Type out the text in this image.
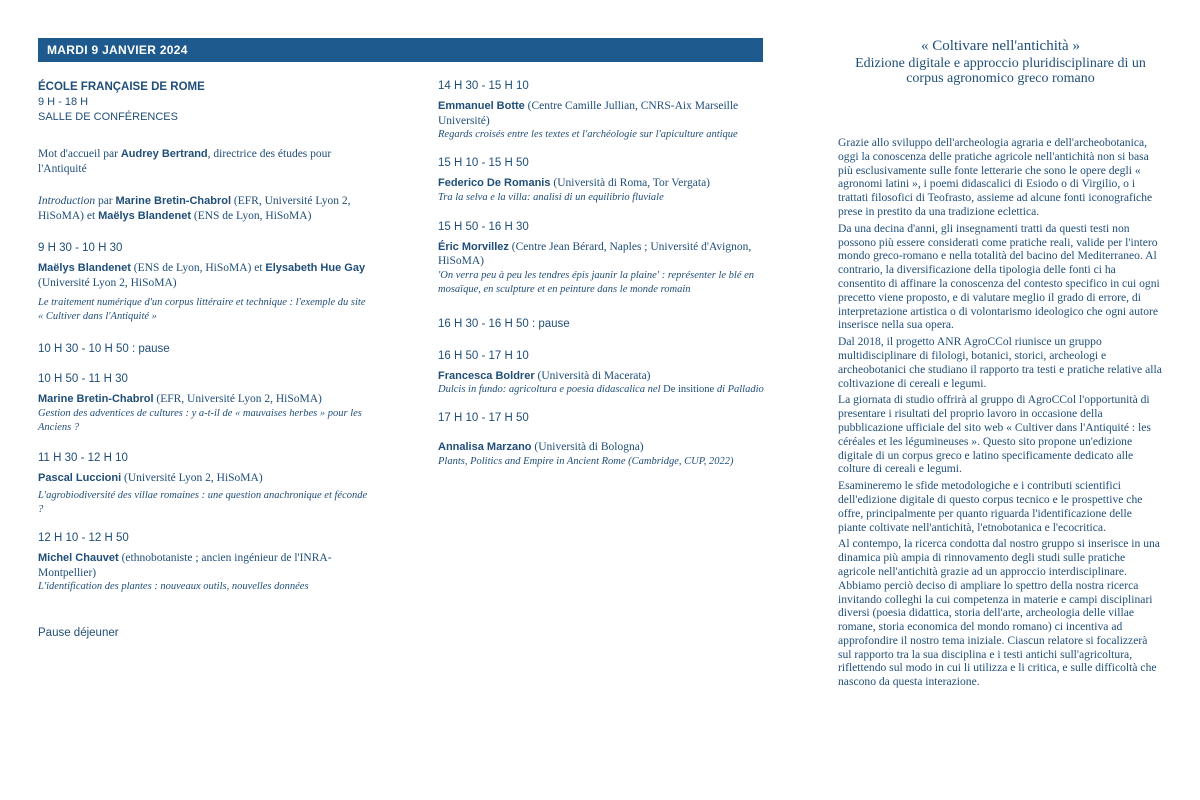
MARDI 9 JANVIER 2024
ÉCOLE FRANÇAISE DE ROME
9 H - 18 H
SALLE DE CONFÉRENCES

Mot d'accueil par Audrey Bertrand, directrice des études pour l'Antiquité

Introduction par Marine Bretin-Chabrol (EFR, Université Lyon 2, HiSoMA) et Maëlys Blandenet (ENS de Lyon, HiSoMA)

9 H 30 - 10 H 30
Maëlys Blandenet (ENS de Lyon, HiSoMA) et Elysabeth Hue Gay (Université Lyon 2, HiSoMA)
Le traitement numérique d'un corpus littéraire et technique : l'exemple du site « Cultiver dans l'Antiquité »
10 H 30 - 10 H 50 : pause
10 H 50 - 11 H 30
Marine Bretin-Chabrol (EFR, Université Lyon 2, HiSoMA)
Gestion des adventices de cultures : y a-t-il de « mauvaises herbes » pour les Anciens ?
11 H 30 - 12 H 10
Pascal Luccioni (Université Lyon 2, HiSoMA)
L'agrobiodiversité des villae romaines : une question anachronique et féconde ?
12 H 10 - 12 H 50
Michel Chauvet (ethnobotaniste ; ancien ingénieur de l'INRA-Montpellier)
L'identification des plantes : nouveaux outils, nouvelles données
Pause déjeuner
14 H 30 - 15 H 10
Emmanuel Botte (Centre Camille Jullian, CNRS-Aix Marseille Université)
Regards croisés entre les textes et l'archéologie sur l'apiculture antique
15 H 10 - 15 H 50
Federico De Romanis (Università di Roma, Tor Vergata)
Tra la selva e la villa: analisi di un equilibrio fluviale
15 H 50 - 16 H 30
Éric Morvillez (Centre Jean Bérard, Naples ; Université d'Avignon, HiSoMA)
'On verra peu à peu les tendres épis jaunir la plaine' : représenter le blé en mosaïque, en sculpture et en peinture dans le monde romain
16 H 30 - 16 H 50 : pause
16 H 50 - 17 H 10
Francesca Boldrer (Università di Macerata)
Dulcis in fundo: agricoltura e poesia didascalica nel De insitione di Palladio
17 H 10 - 17 H 50
Annalisa Marzano (Università di Bologna)
Plants, Politics and Empire in Ancient Rome (Cambridge, CUP, 2022)
« Coltivare nell'antichità »
Edizione digitale e approccio pluridisciplinare di un corpus agronomico greco romano

Grazie allo sviluppo dell'archeologia agraria e dell'archeobotanica, oggi la conoscenza delle pratiche agricole nell'antichità non si basa più esclusivamente sulle fonte letterarie che sono le opere degli « agronomi latini », i poemi didascalici di Esiodo o di Virgilio, o i trattati filosofici di Teofrasto, assieme ad alcune fonti iconografiche prese in prestito da una tradizione eclettica.

Da una decina d'anni, gli insegnamenti tratti da questi testi non possono più essere considerati come pratiche reali, valide per l'intero mondo greco-romano e nella totalità del bacino del Mediterraneo. Al contrario, la diversificazione della tipologia delle fonti ci ha consentito di affinare la conoscenza del contesto specifico in cui ogni precetto viene proposto, e di valutare meglio il grado di errore, di interpretazione artistica o di volontarismo ideologico che ogni autore inserisce nella sua opera.

Dal 2018, il progetto ANR AgroCCol riunisce un gruppo multidisciplinare di filologi, botanici, storici, archeologi e archeobotanici che studiano il rapporto tra testi e pratiche relative alla coltivazione di cereali e legumi.

La giornata di studio offrirà al gruppo di AgroCCol l'opportunità di presentare i risultati del proprio lavoro in occasione della pubblicazione ufficiale del sito web « Cultiver dans l'Antiquité : les céréales et les légumineuses ». Questo sito propone un'edizione digitale di un corpus greco e latino specificamente dedicato alle colture di cereali e legumi.

Esamineremo le sfide metodologiche e i contributi scientifici dell'edizione digitale di questo corpus tecnico e le prospettive che offre, principalmente per quanto riguarda l'identificazione delle piante coltivate nell'antichità, l'etnobotanica e l'ecocritica.

Al contempo, la ricerca condotta dal nostro gruppo si inserisce in una dinamica più ampia di rinnovamento degli studi sulle pratiche agricole nell'antichità grazie ad un approccio interdisciplinare. Abbiamo perciò deciso di ampliare lo spettro della nostra ricerca invitando colleghi la cui competenza in materie e campi disciplinari diversi (poesia didattica, storia dell'arte, archeologia delle villae romane, storia economica del mondo romano) ci incentiva ad approfondire il nostro tema iniziale. Ciascun relatore si focalizzerà sul rapporto tra la sua disciplina e i testi antichi sull'agricoltura, riflettendo sul modo in cui li utilizza e li critica, e sulle difficoltà che nascono da questa interazione.
